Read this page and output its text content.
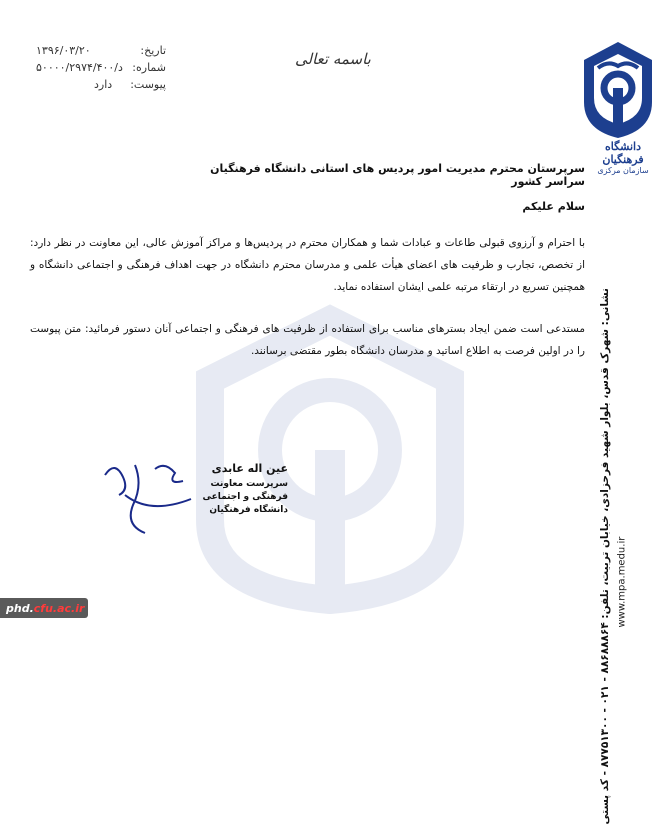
تاریخ:
۱۳۹۶/۰۳/۲۰
شماره:
۵۰۰۰۰/۲۹۷۴/۴۰۰/د
پیوست:
دارد
باسمه تعالی
دانشگاه فرهنگیان
سازمان مرکزی
سرپرستان محترم مدیریت امور پردیس های استانی دانشگاه فرهنگیان سراسر کشور
سلام علیکم
با احترام و آرزوی قبولی طاعات و عبادات شما و همکاران محترم در پردیس‌ها و مراکز آموزش عالی، این معاونت در نظر دارد: از تخصص، تجارب و ظرفیت های اعضای هیأت علمی و مدرسان محترم دانشگاه در جهت اهداف فرهنگی و اجتماعی دانشگاه و همچنین تسریع در ارتقاء مرتبه علمی ایشان استفاده نماید.
مستدعی است ضمن ایجاد بسترهای مناسب برای استفاده از ظرفیت های فرهنگی و اجتماعی آنان دستور فرمائید: متن پیوست را در اولین فرصت به اطلاع اساتید و مدرسان دانشگاه بطور مقتضی برسانند.
عین اله عابدی
سرپرست معاونت فرهنگی و اجتماعی دانشگاه فرهنگیان
نشانی: شهرک قدس، بلوار شهید فرحزادی، خیابان تربیت، تلفن: ۸۸۶۸۸۸۶۴ - ۰۲۱ - ۸۷۷۵۱۳۰۰ - کد پستی www.mpa.medu.ir
phd. cfu.ac.ir
